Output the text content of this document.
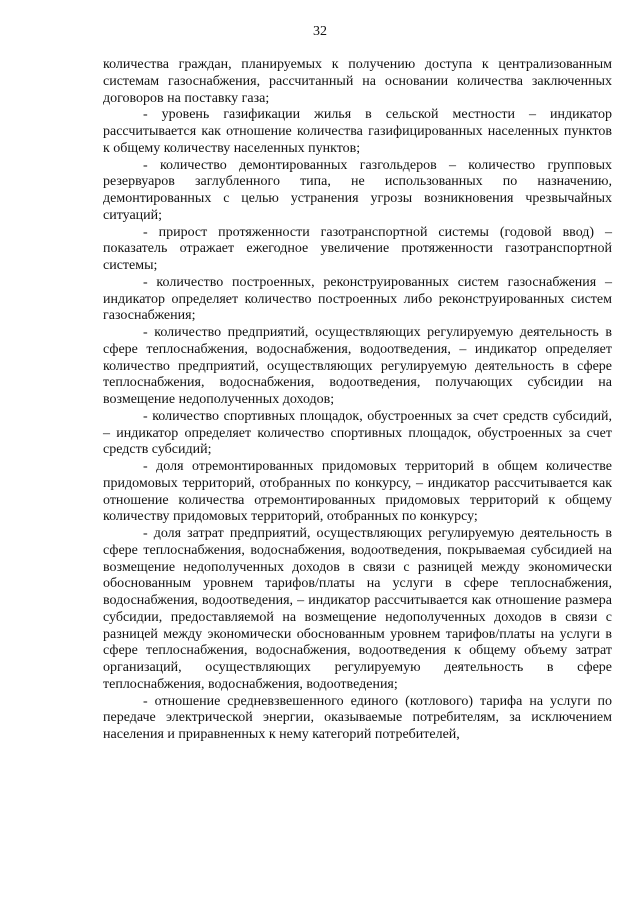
32

количества граждан, планируемых к получению доступа к централизованным системам газоснабжения, рассчитанный на основании количества заключенных договоров на поставку газа;

- уровень газификации жилья в сельской местности – индикатор рассчитывается как отношение количества газифицированных населенных пунктов к общему количеству населенных пунктов;

- количество демонтированных газгольдеров – количество групповых резервуаров заглубленного типа, не использованных по назначению, демонтированных с целью устранения угрозы возникновения чрезвычайных ситуаций;

- прирост протяженности газотранспортной системы (годовой ввод) – показатель отражает ежегодное увеличение протяженности газотранспортной системы;

- количество построенных, реконструированных систем газоснабжения – индикатор определяет количество построенных либо реконструированных систем газоснабжения;

- количество предприятий, осуществляющих регулируемую деятельность в сфере теплоснабжения, водоснабжения, водоотведения, – индикатор определяет количество предприятий, осуществляющих регулируемую деятельность в сфере теплоснабжения, водоснабжения, водоотведения, получающих субсидии на возмещение недополученных доходов;

- количество спортивных площадок, обустроенных за счет средств субсидий, – индикатор определяет количество спортивных площадок, обустроенных за счет средств субсидий;

- доля отремонтированных придомовых территорий в общем количестве придомовых территорий, отобранных по конкурсу, – индикатор рассчитывается как отношение количества отремонтированных придомовых территорий к общему количеству придомовых территорий, отобранных по конкурсу;

- доля затрат предприятий, осуществляющих регулируемую деятельность в сфере теплоснабжения, водоснабжения, водоотведения, покрываемая субсидией на возмещение недополученных доходов в связи с разницей между экономически обоснованным уровнем тарифов/платы на услуги в сфере теплоснабжения, водоснабжения, водоотведения, – индикатор рассчитывается как отношение размера субсидии, предоставляемой на возмещение недополученных доходов в связи с разницей между экономически обоснованным уровнем тарифов/платы на услуги в сфере теплоснабжения, водоснабжения, водоотведения к общему объему затрат организаций, осуществляющих регулируемую деятельность в сфере теплоснабжения, водоснабжения, водоотведения;

- отношение средневзвешенного единого (котлового) тарифа на услуги по передаче электрической энергии, оказываемые потребителям, за исключением населения и приравненных к нему категорий потребителей,
